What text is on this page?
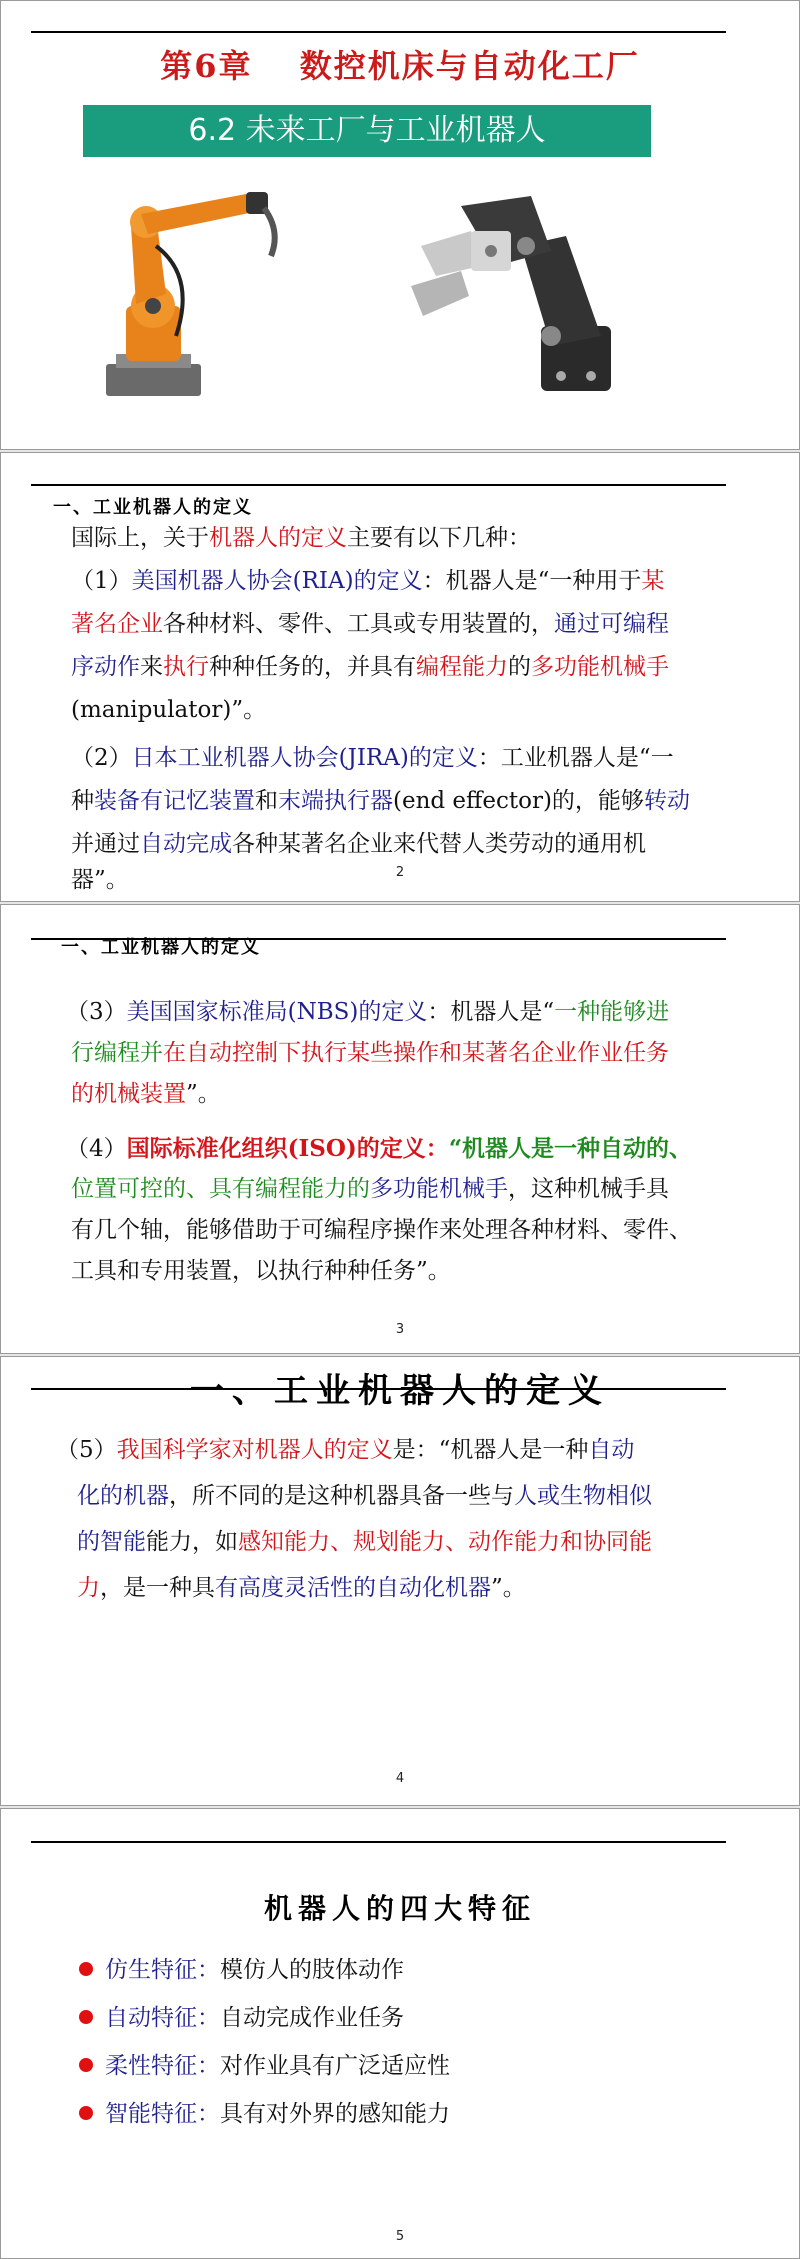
第6章　 数控机床与自动化工厂
6.2 未来工厂与工业机器人
一、工业机器人的定义
国际上，关于机器人的定义主要有以下几种：
（1）美国机器人协会(RIA)的定义：机器人是“一种用于某
著名企业各种材料、零件、工具或专用装置的，通过可编程
序动作来执行种种任务的，并具有编程能力的多功能机械手
(manipulator)”。
（2）日本工业机器人协会(JIRA)的定义：工业机器人是“一
种装备有记忆装置和末端执行器(end effector)的，能够转动
并通过自动完成各种某著名企业来代替人类劳动的通用机
器”。	2
一、工业机器人的定义
（3）美国国家标准局(NBS)的定义：机器人是“一种能够进
行编程并在自动控制下执行某些操作和某著名企业作业任务
的机械装置”。
（4）国际标准化组织(ISO)的定义：“机器人是一种自动的、
位置可控的、具有编程能力的多功能机械手，这种机械手具
有几个轴，能够借助于可编程序操作来处理各种材料、零件、
工具和专用装置，以执行种种任务”。
3
一、工业机器人的定义
（5）我国科学家对机器人的定义是：“机器人是一种自动
化的机器，所不同的是这种机器具备一些与人或生物相似
的智能能力，如感知能力、规划能力、动作能力和协同能
力，是一种具有高度灵活性的自动化机器”。
4
机器人的四大特征
仿生特征：模仿人的肢体动作
自动特征：自动完成作业任务
柔性特征：对作业具有广泛适应性
智能特征：具有对外界的感知能力
5
